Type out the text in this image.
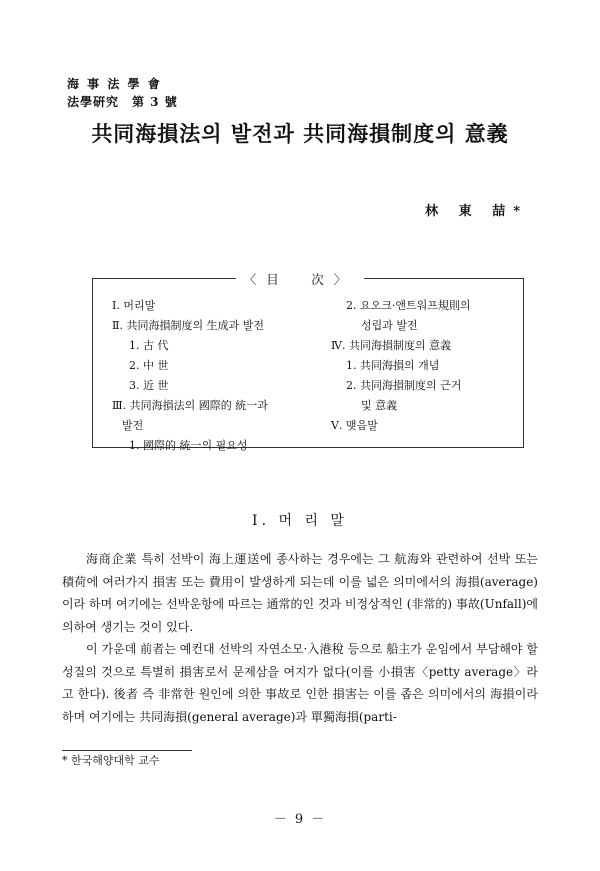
海 事 法 學 會
法學硏究　第 3 號
共同海損法의 발전과 共同海損制度의 意義
林 東 喆*
〈目　次〉
Ⅰ. 머리말
Ⅱ. 共同海損制度의 生成과 발전
1. 古 代
2. 中 世
3. 近 世
Ⅲ. 共同海損法의 國際的 統一과
발전
1. 國際的 統一의 필요성
2. 요오크·앤트워프規則의
성립과 발전
Ⅳ. 共同海損制度의 意義
1. 共同海損의 개념
2. 共同海損制度의 근거
및 意義
Ⅴ. 맺음말
Ⅰ. 머 리 말

海商企業 특히 선박이 海上運送에 종사하는 경우에는 그 航海와 관련하여 선박 또는 積荷에 여러가지 損害 또는 費用이 발생하게 되는데 이를 넓은 의미에서의 海損(average)이라 하며 여기에는 선박운항에 따르는 通常的인 것과 비정상적인 (非常的) 事故(Unfall)에 의하여 생기는 것이 있다.

이 가운데 前者는 예컨대 선박의 자연소모·入港稅 등으로 船主가 운임에서 부담해야 할 성질의 것으로 특별히 損害로서 문제삼을 여지가 없다(이를 小損害〈petty average〉라고 한다). 後者 즉 非常한 원인에 의한 事故로 인한 損害는 이를 좁은 의미에서의 海損이라 하며 여기에는 共同海損(general average)과 單獨海損(parti-

* 한국해양대학 교수
－ 9 －
